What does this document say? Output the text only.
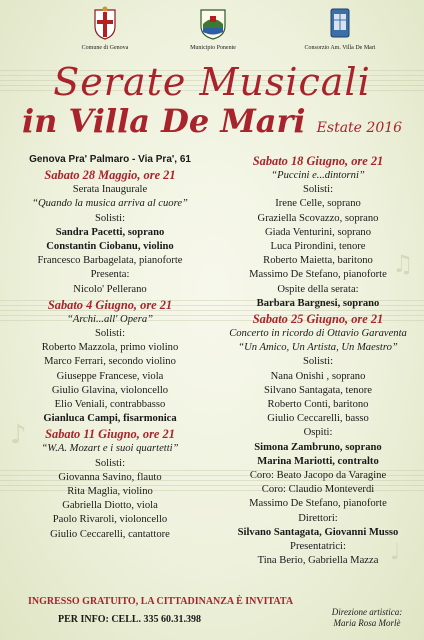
♪
♫
♩
Comune di Genova	Municipio Ponente	Consorzio Am. Villa De Mari
Serate Musicali
in Villa De Mari Estate 2016
Genova Pra' Palmaro - Via Pra', 61
Sabato 28 Maggio, ore 21
Serata Inaugurale
“Quando la musica arriva al cuore”
Solisti:
Sandra Pacetti, soprano
Constantin Ciobanu, violino
Francesco Barbagelata, pianoforte
Presenta:
Nicolo' Pellerano
Sabato 4 Giugno, ore 21
“Archi...all' Opera”
Solisti:
Roberto Mazzola, primo violino
Marco Ferrari, secondo violino
Giuseppe Francese, viola
Giulio Glavina, violoncello
Elio Veniali, contrabbasso
Gianluca Campi, fisarmonica
Sabato 11 Giugno, ore 21
“W.A. Mozart e i suoi quartetti”
Solisti:
Giovanna Savino, flauto
Rita Maglia, violino
Gabriella Diotto, viola
Paolo Rivaroli, violoncello
Giulio Ceccarelli, cantattore
Sabato 18 Giugno, ore 21
“Puccini e...dintorni”
Solisti:
Irene Celle, soprano
Graziella Scovazzo, soprano
Giada Venturini, soprano
Luca Pirondini, tenore
Roberto Maietta, baritono
Massimo De Stefano, pianoforte
Ospite della serata:
Barbara Bargnesi, soprano
Sabato 25 Giugno, ore 21
Concerto in ricordo di Ottavio Garaventa
“Un Amico, Un Artista, Un Maestro”
Solisti:
Nana Onishi , soprano
Silvano Santagata, tenore
Roberto Conti, baritono
Giulio Ceccarelli, basso
Ospiti:
Simona Zambruno, soprano
Marina Mariotti, contralto
Coro: Beato Jacopo da Varagine
Coro: Claudio Monteverdi
Massimo De Stefano, pianoforte
Direttori:
Silvano Santagata, Giovanni Musso
Presentatrici:
Tina Berio, Gabriella Mazza
INGRESSO GRATUITO, LA CITTADINANZA È INVITATA
PER INFO: CELL. 335 60.31.398
Direzione artistica:
Maria Rosa Morlè
